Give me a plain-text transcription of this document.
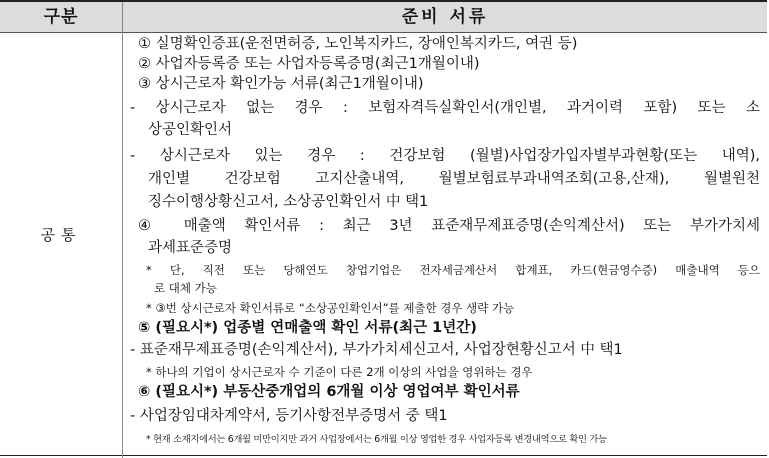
구분	준비 서류
공통
① 실명확인증표(운전면허증, 노인복지카드, 장애인복지카드, 여권 등)
② 사업자등록증 또는 사업자등록증명(최근1개월이내)
③ 상시근로자 확인가능 서류(최근1개월이내)
- 상시근로자 없는 경우 : 보험자격득실확인서(개인별, 과거이력 포함) 또는 소
상공인확인서
- 상시근로자 있는 경우 : 건강보험 (월별)사업장가입자별부과현황(또는 내역),
개인별 건강보험 고지산출내역, 월별보험료부과내역조회(고용,산재), 월별원천
징수이행상황신고서, 소상공인확인서 中 택1
④ 매출액 확인서류 : 최근 3년 표준재무제표증명(손익계산서) 또는 부가가치세
과세표준증명
* 단, 직전 또는 당해연도 창업기업은 전자세금계산서 합계표, 카드(현금영수증) 매출내역 등으
로 대체 가능
* ③번 상시근로자 확인서류로 “소상공인확인서”를 제출한 경우 생략 가능
⑤ (필요시*) 업종별 연매출액 확인 서류(최근 1년간)
- 표준재무제표증명(손익계산서), 부가가치세신고서, 사업장현황신고서 中 택1
* 하나의 기업이 상시근로자 수 기준이 다른 2개 이상의 사업을 영위하는 경우
⑥ (필요시*) 부동산중개업의 6개월 이상 영업여부 확인서류
- 사업장임대차계약서, 등기사항전부증명서 중 택1
* 현재 소재지에서는 6개월 미만이지만 과거 사업장에서는 6개월 이상 영업한 경우 사업자등록 변경내역으로 확인 가능
